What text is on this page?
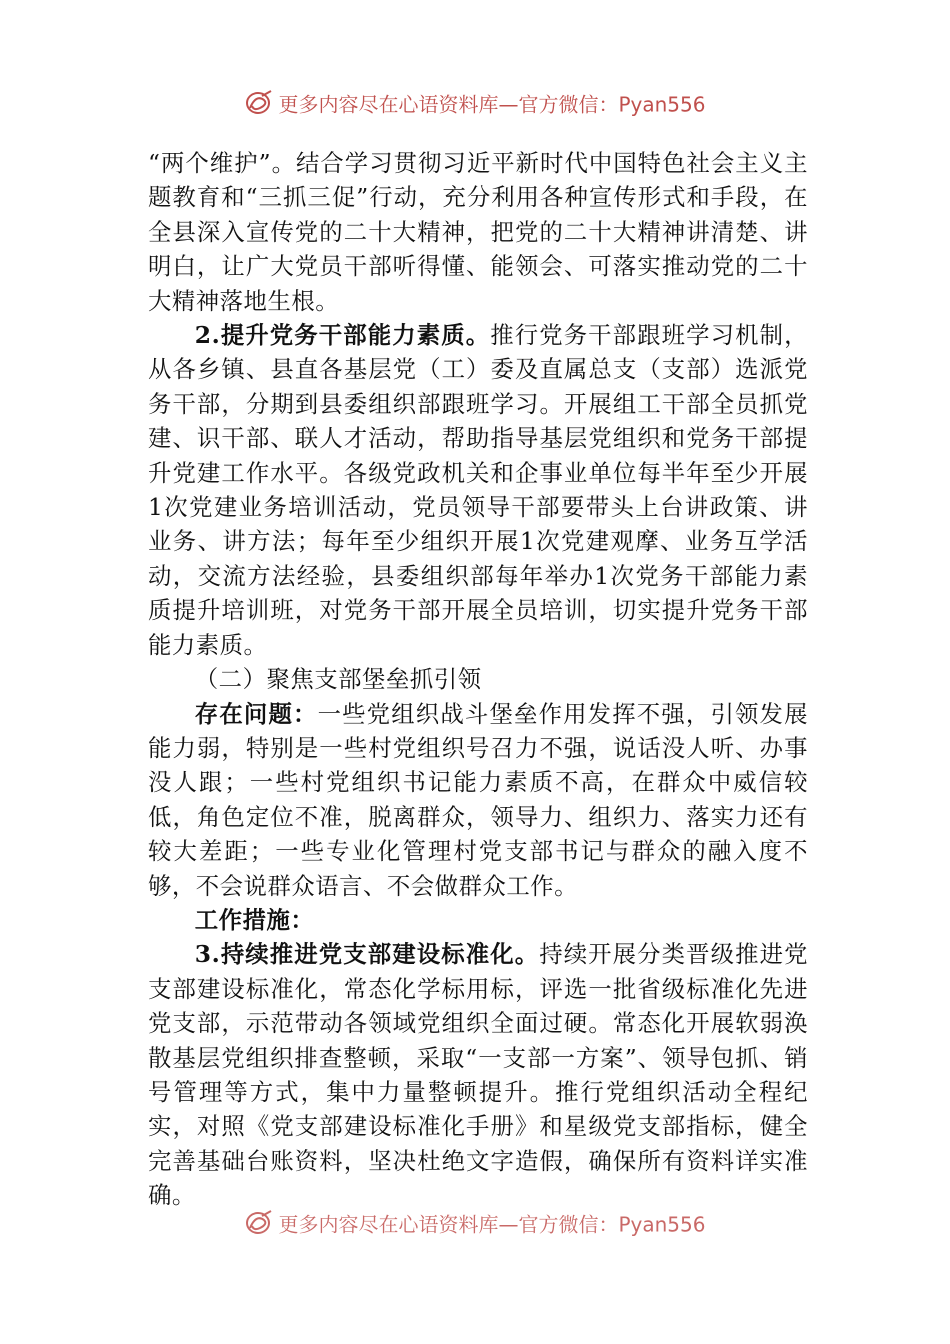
更多内容尽在心语资料库—官方微信：Pyan556

“两个维护”。结合学习贯彻习近平新时代中国特色社会主义主题教育和“三抓三促”行动，充分利用各种宣传形式和手段，在全县深入宣传党的二十大精神，把党的二十大精神讲清楚、讲明白，让广大党员干部听得懂、能领会、可落实推动党的二十大精神落地生根。

2.提升党务干部能力素质。推行党务干部跟班学习机制，从各乡镇、县直各基层党（工）委及直属总支（支部）选派党务干部，分期到县委组织部跟班学习。开展组工干部全员抓党建、识干部、联人才活动，帮助指导基层党组织和党务干部提升党建工作水平。各级党政机关和企事业单位每半年至少开展1次党建业务培训活动，党员领导干部要带头上台讲政策、讲业务、讲方法；每年至少组织开展1次党建观摩、业务互学活动，交流方法经验，县委组织部每年举办1次党务干部能力素质提升培训班，对党务干部开展全员培训，切实提升党务干部能力素质。

（二）聚焦支部堡垒抓引领

存在问题：一些党组织战斗堡垒作用发挥不强，引领发展能力弱，特别是一些村党组织号召力不强，说话没人听、办事没人跟；一些村党组织书记能力素质不高，在群众中威信较低，角色定位不准，脱离群众，领导力、组织力、落实力还有较大差距；一些专业化管理村党支部书记与群众的融入度不够，不会说群众语言、不会做群众工作。

工作措施：

3.持续推进党支部建设标准化。持续开展分类晋级推进党支部建设标准化，常态化学标用标，评选一批省级标准化先进党支部，示范带动各领域党组织全面过硬。常态化开展软弱涣散基层党组织排查整顿，采取“一支部一方案”、领导包抓、销号管理等方式，集中力量整顿提升。推行党组织活动全程纪实，对照《党支部建设标准化手册》和星级党支部指标，健全完善基础台账资料，坚决杜绝文字造假，确保所有资料详实准确。

更多内容尽在心语资料库—官方微信：Pyan556
